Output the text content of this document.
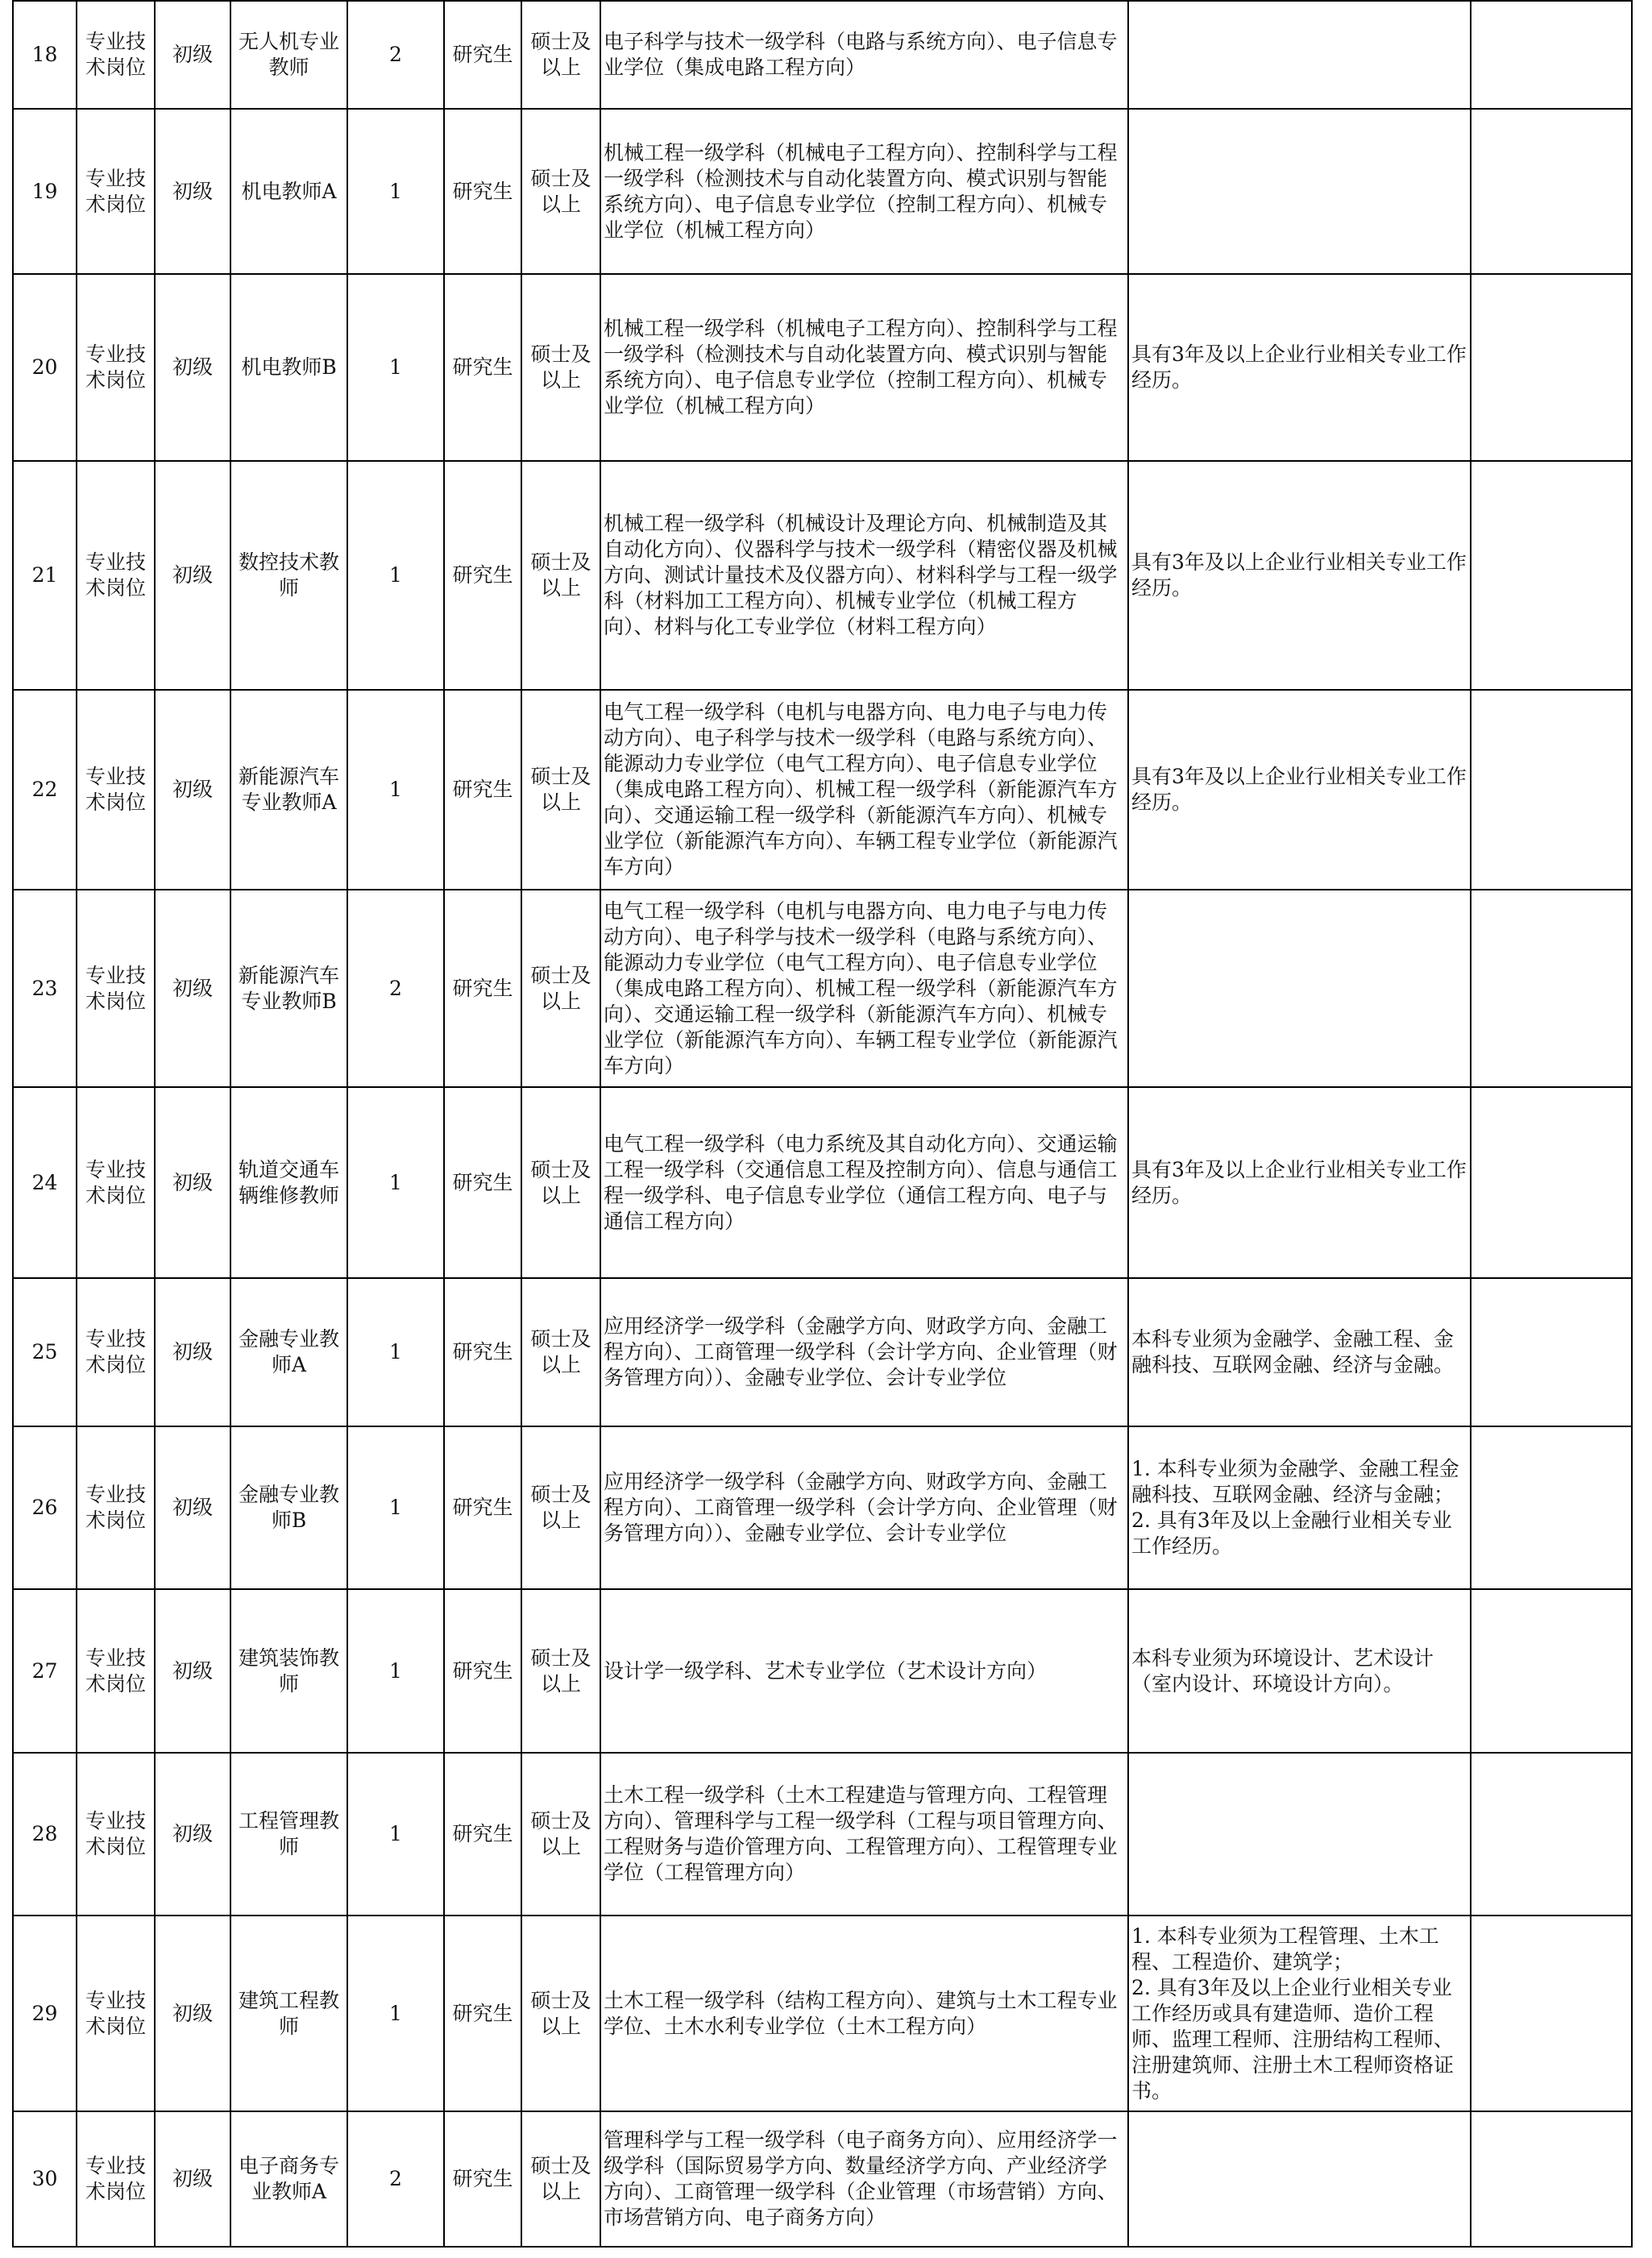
18	专业技术岗位	初级	无人机专业教师	2	研究生	硕士及以上	电子科学与技术一级学科（电路与系统方向）、电子信息专业学位（集成电路工程方向）		
19	专业技术岗位	初级	机电教师A	1	研究生	硕士及以上	机械工程一级学科（机械电子工程方向）、控制科学与工程一级学科（检测技术与自动化装置方向、模式识别与智能系统方向）、电子信息专业学位（控制工程方向）、机械专业学位（机械工程方向）		
20	专业技术岗位	初级	机电教师B	1	研究生	硕士及以上	机械工程一级学科（机械电子工程方向）、控制科学与工程一级学科（检测技术与自动化装置方向、模式识别与智能系统方向）、电子信息专业学位（控制工程方向）、机械专业学位（机械工程方向）	具有3年及以上企业行业相关专业工作经历。	
21	专业技术岗位	初级	数控技术教师	1	研究生	硕士及以上	机械工程一级学科（机械设计及理论方向、机械制造及其自动化方向）、仪器科学与技术一级学科（精密仪器及机械方向、测试计量技术及仪器方向）、材料科学与工程一级学科（材料加工工程方向）、机械专业学位（机械工程方向）、材料与化工专业学位（材料工程方向）	具有3年及以上企业行业相关专业工作经历。	
22	专业技术岗位	初级	新能源汽车专业教师A	1	研究生	硕士及以上	电气工程一级学科（电机与电器方向、电力电子与电力传动方向）、电子科学与技术一级学科（电路与系统方向）、能源动力专业学位（电气工程方向）、电子信息专业学位（集成电路工程方向）、机械工程一级学科（新能源汽车方向）、交通运输工程一级学科（新能源汽车方向）、机械专业学位（新能源汽车方向）、车辆工程专业学位（新能源汽车方向）	具有3年及以上企业行业相关专业工作经历。	
23	专业技术岗位	初级	新能源汽车专业教师B	2	研究生	硕士及以上	电气工程一级学科（电机与电器方向、电力电子与电力传动方向）、电子科学与技术一级学科（电路与系统方向）、能源动力专业学位（电气工程方向）、电子信息专业学位（集成电路工程方向）、机械工程一级学科（新能源汽车方向）、交通运输工程一级学科（新能源汽车方向）、机械专业学位（新能源汽车方向）、车辆工程专业学位（新能源汽车方向）		
24	专业技术岗位	初级	轨道交通车辆维修教师	1	研究生	硕士及以上	电气工程一级学科（电力系统及其自动化方向）、交通运输工程一级学科（交通信息工程及控制方向）、信息与通信工程一级学科、电子信息专业学位（通信工程方向、电子与通信工程方向）	具有3年及以上企业行业相关专业工作经历。	
25	专业技术岗位	初级	金融专业教师A	1	研究生	硕士及以上	应用经济学一级学科（金融学方向、财政学方向、金融工程方向）、工商管理一级学科（会计学方向、企业管理（财务管理方向））、金融专业学位、会计专业学位	本科专业须为金融学、金融工程、金融科技、互联网金融、经济与金融。	
26	专业技术岗位	初级	金融专业教师B	1	研究生	硕士及以上	应用经济学一级学科（金融学方向、财政学方向、金融工程方向）、工商管理一级学科（会计学方向、企业管理（财务管理方向））、金融专业学位、会计专业学位	1. 本科专业须为金融学、金融工程金融科技、互联网金融、经济与金融；
2. 具有3年及以上金融行业相关专业工作经历。	
27	专业技术岗位	初级	建筑装饰教师	1	研究生	硕士及以上	设计学一级学科、艺术专业学位（艺术设计方向）	本科专业须为环境设计、艺术设计（室内设计、环境设计方向）。	
28	专业技术岗位	初级	工程管理教师	1	研究生	硕士及以上	土木工程一级学科（土木工程建造与管理方向、工程管理方向）、管理科学与工程一级学科（工程与项目管理方向、工程财务与造价管理方向、工程管理方向）、工程管理专业学位（工程管理方向）		
29	专业技术岗位	初级	建筑工程教师	1	研究生	硕士及以上	土木工程一级学科（结构工程方向）、建筑与土木工程专业学位、土木水利专业学位（土木工程方向）	1. 本科专业须为工程管理、土木工程、工程造价、建筑学；
2. 具有3年及以上企业行业相关专业工作经历或具有建造师、造价工程师、监理工程师、注册结构工程师、注册建筑师、注册土木工程师资格证书。	
30	专业技术岗位	初级	电子商务专业教师A	2	研究生	硕士及以上	管理科学与工程一级学科（电子商务方向）、应用经济学一级学科（国际贸易学方向、数量经济学方向、产业经济学方向）、工商管理一级学科（企业管理（市场营销）方向、市场营销方向、电子商务方向）		
